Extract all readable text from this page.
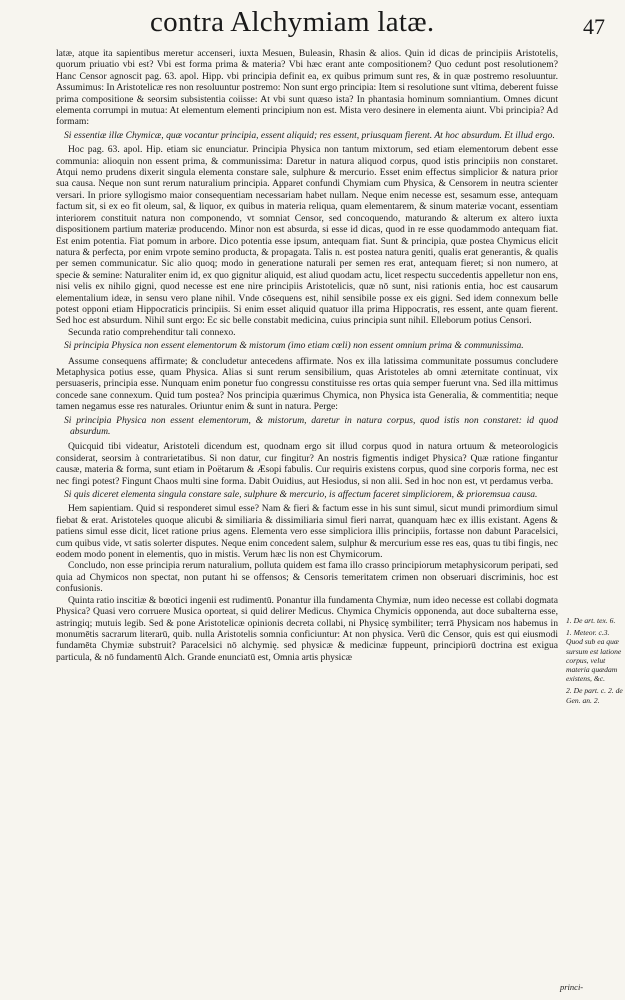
contra Alchymiam latæ.	47

latæ, atque ita sapientibus meretur accenseri, iuxta Mesuen, Buleasin, Rhasin & alios. Quin id dicas de principiis Aristotelis, quorum priuatio vbi est? Vbi est forma prima & materia? Vbi hæc erant ante compositionem? Quo cedunt post resolutionem? Hanc Censor agnoscit pag. 63. apol. Hipp. vbi principia definit ea, ex quibus primum sunt res, & in quæ postremo resoluuntur. Assumimus: In Aristotelicæ res non resoluuntur postremo: Non sunt ergo principia: Item si resolutione sunt vltima, deberent fuisse prima compositione & seorsim subsistentia coiisse: At vbi sunt quæso ista? In phantasia hominum somniantium. Omnes dicunt elementa corrumpi in mutua: At elementum elementi principium non est. Mista vero desinere in elementa aiunt. Vbi principia? Ad formam:

Si essentiæ illæ Chymicæ, quæ vocantur principia, essent aliquid; res essent, priusquam fierent. At hoc absurdum. Et illud ergo.

Hoc pag. 63. apol. Hip. etiam sic enunciatur. Principia Physica non tantum mixtorum, sed etiam elementorum debent esse communia: alioquin non essent prima, & communissima: Daretur in natura aliquod corpus, quod istis principiis non constaret. Atqui nemo prudens dixerit singula elementa constare sale, sulphure & mercurio. Esset enim effectus simplicior & natura prior sua causa. Neque non sunt rerum naturalium principia. Apparet confundi Chymiam cum Physica, & Censorem in neutra scienter versari. In priore syllogismo maior consequentiam necessariam habet nullam. Neque enim necesse est, sesamum esse, antequam factum sit, si ex eo fit oleum, sal, & liquor, ex quibus in materia reliqua, quam elementarem, & sinum materiæ vocant, essentiam interiorem constituit natura non componendo, vt somniat Censor, sed concoquendo, maturando & alterum ex altero iuxta dispositionem partium materiæ producendo. Minor non est absurda, si esse id dicas, quod in re esse quodammodo antequam fiat. Est enim potentia. Fiat pomum in arbore. Dico potentia esse ipsum, antequam fiat. Sunt & principia, quæ postea Chymicus elicit natura & perfecta, por enim vrpote semino producta, & propagata. Talis n. est postea natura geniti, qualis erat generantis, & qualis per semen communicatur. Sic alio quoq; modo in generatione naturali per semen res erat, antequam fieret; si non numero, at specie & semine: Naturaliter enim id, ex quo gignitur aliquid, est aliud quodam actu, licet respectu succedentis appelletur non ens, nisi velis ex nihilo gigni, quod necesse est ene nire principiis Aristotelicis, quæ nō sunt, nisi rationis entia, hoc est causarum elementalium ideæ, in sensu vero plane nihil. Vnde cōsequens est, nihil sensibile posse ex eis gigni. Sed idem connexum belle potest opponi etiam Hippocraticis principiis. Si enim esset aliquid quatuor illa prima Hippocratis, res essent, ante quam fierent. Sed hoc est absurdum. Nihil sunt ergo: Ec sic belle constabit medicina, cuius principia sunt nihil. Elleborum potius Censori.

Secunda ratio comprehenditur tali connexo.

Si principia Physica non essent elementorum & mistorum (imo etiam cœli) non essent omnium prima & communissima.

Assume consequens affirmate; & concludetur antecedens affirmate. Nos ex illa latissima communitate possumus concludere Metaphysica potius esse, quam Physica. Alias si sunt rerum sensibilium, quas Aristoteles ab omni æternitate continuat, vix persuaseris, principia esse. Nunquam enim ponetur fuo congressu constituisse res ortas quia semper fuerunt vna. Sed illa mittimus concede sane connexum. Quid tum postea? Nos principia quærimus Chymica, non Physica ista Generalia, & commentitia; neque tamen negamus esse res naturales. Oriuntur enim & sunt in natura. Perge:

Si principia Physica non essent elementorum, & mistorum, daretur in natura corpus, quod istis non constaret: id quod absurdum.

Quicquid tibi videatur, Aristoteli dicendum est, quodnam ergo sit illud corpus quod in natura ortuum & meteorologicis considerat, seorsim à contrarietatibus. Si non datur, cur fingitur? An nostris figmentis indiget Physica? Quæ ratione fingantur causæ, materia & forma, sunt etiam in Poëtarum & Æsopi fabulis. Cur requiris existens corpus, quod sine corporis forma, nec est nec fingi potest? Fingunt Chaos multi sine forma. Dabit Ouidius, aut Hesiodus, si non alii. Sed in hoc non est, vt perdamus verba.

Si quis diceret elementa singula constare sale, sulphure & mercurio, is affectum faceret simpliciorem, & prioremsua causa.

Hem sapientiam. Quid si responderet simul esse? Nam & fieri & factum esse in his sunt simul, sicut mundi primordium simul fiebat & erat. Aristoteles quoque alicubi & similiaria & dissimiliaria simul fieri narrat, quanquam hæc ex illis existant. Agens & patiens simul esse dicit, licet ratione prius agens. Elementa vero esse simpliciora illis principiis, fortasse non dabunt Paracelsici, cum quibus vide, vt satis solerter disputes. Neque enim concedent salem, sulphur & mercurium esse res eas, quas tu tibi fingis, nec eodem modo ponent in elementis, quo in mistis. Verum hæc lis non est Chymicorum.

Concludo, non esse principia rerum naturalium, polluta quidem est fama illo crasso principiorum metaphysicorum peripati, sed quia ad Chymicos non spectat, non putant hi se offensos; & Censoris temeritatem crimen non obseruari discriminis, hoc est confusionis.

Quinta ratio inscitiæ & bœotici ingenii est rudimentū. Ponantur illa fundamenta Chymiæ, num ideo necesse est collabi dogmata Physica? Quasi vero corruere Musica oporteat, si quid delirer Medicus. Chymica Chymicis opponenda, aut doce subalterna esse, astringiq; mutuis legib. Sed & pone Aristotelicæ opinionis decreta collabi, ni Physicę symbiliter; terrā Physicam nos habemus in monumētis sacrarum literarū, quib. nulla Aristotelis somnia conficiuntur: At non physica. Verū dic Censor, quis est qui eiusmodi fundamēta Chymiæ substruit? Paracelsici nō alchymię. sed physicæ & medicinæ fuppeunt, principiorū doctrina est exigua particula, & nō fundamentū Alch. Grande enunciatū est, Omnia artis physicæ

1. De art. tex. 6.
1. Meteor. c.3. Quod sub ea quæ sursum est latione corpus, velut materia quædam existens, &c.
2. De part. c. 2. de Gen. an. 2.
princi-
